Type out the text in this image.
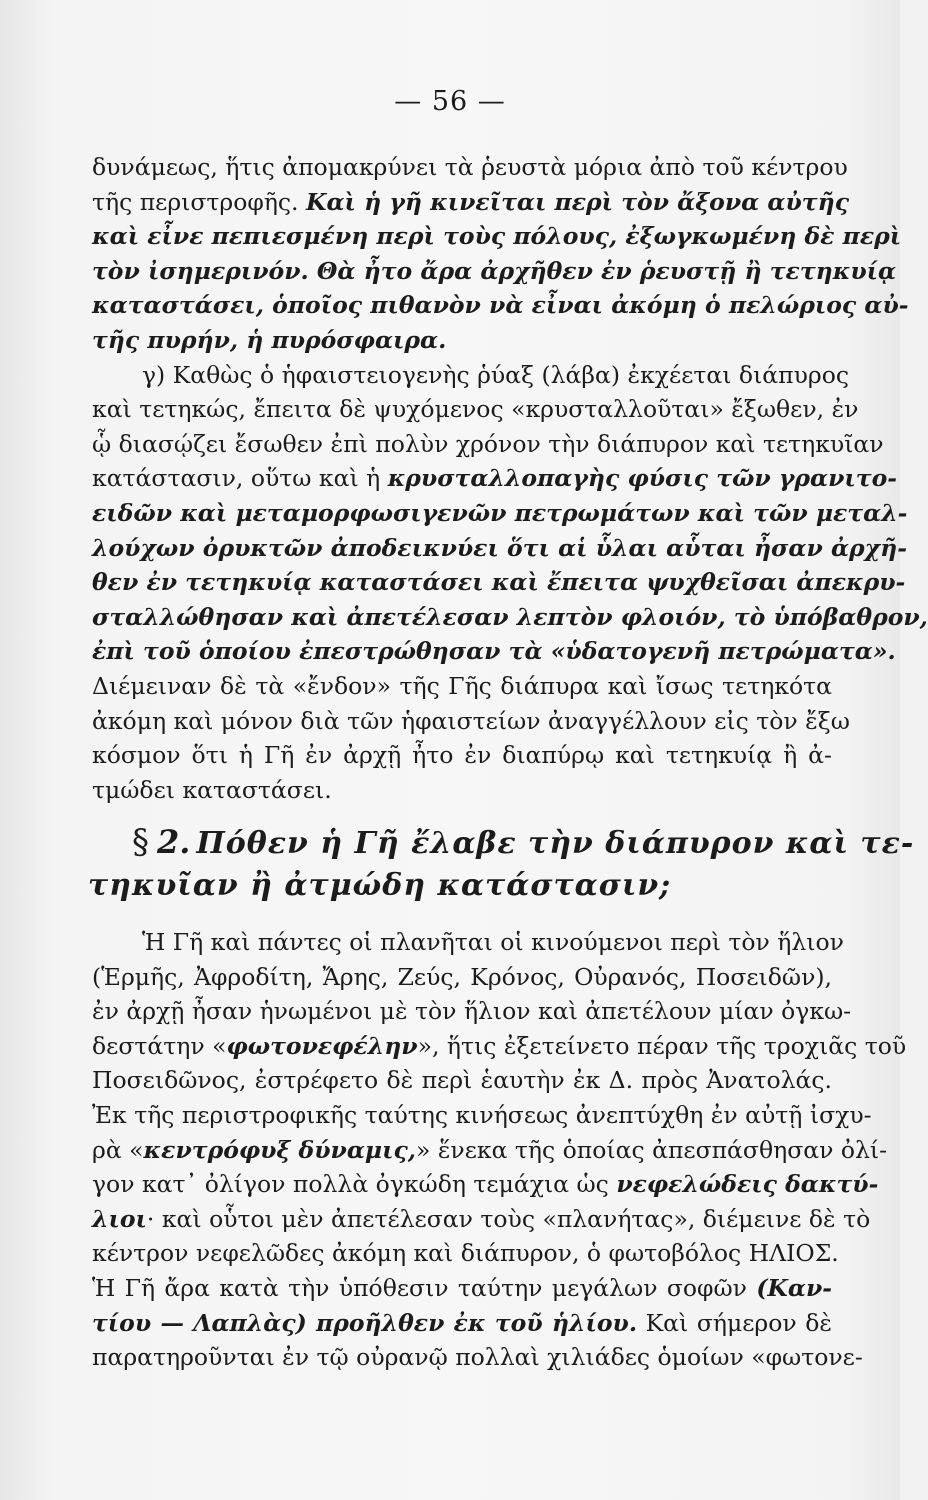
— 56 —
δυνάμεως, ἥτις ἀπομακρύνει τὰ ῥευστὰ μόρια ἀπὸ τοῦ κέντρου
τῆς περιστροφῆς. Καὶ ἡ γῆ κινεῖται περὶ τὸν ἄξονα αὐτῆς
καὶ εἶνε πεπιεσμένη περὶ τοὺς πόλους, ἐξωγκωμένη δὲ περὶ
τὸν ἰσημερινόν. Θὰ ἦτο ἄρα ἀρχῆθεν ἐν ῥευστῇ ἢ τετηκυίᾳ
καταστάσει, ὁποῖος πιθανὸν νὰ εἶναι ἀκόμη ὁ πελώριος αὐ-
τῆς πυρήν, ἡ πυρόσφαιρα.
γ) Καθὼς ὁ ἡφαιστειογενὴς ῥύαξ (λάβα) ἐκχέεται διάπυρος
καὶ τετηκώς, ἔπειτα δὲ ψυχόμενος «κρυσταλλοῦται» ἔξωθεν, ἐν
ᾧ διασῴζει ἔσωθεν ἐπὶ πολὺν χρόνον τὴν διάπυρον καὶ τετηκυῖαν
κατάστασιν, οὕτω καὶ ἡ κρυσταλλοπαγὴς φύσις τῶν γρανιτο-
ειδῶν καὶ μεταμορφωσιγενῶν πετρωμάτων καὶ τῶν μεταλ-
λούχων ὀρυκτῶν ἀποδεικνύει ὅτι αἱ ὗλαι αὗται ἦσαν ἀρχῆ-
θεν ἐν τετηκυίᾳ καταστάσει καὶ ἔπειτα ψυχθεῖσαι ἀπεκρυ-
σταλλώθησαν καὶ ἀπετέλεσαν λεπτὸν φλοιόν, τὸ ὑπόβαθρον,
ἐπὶ τοῦ ὁποίου ἐπεστρώθησαν τὰ «ὑδατογενῆ πετρώματα».
Διέμειναν δὲ τὰ «ἔνδον» τῆς Γῆς διάπυρα καὶ ἴσως τετηκότα
ἀκόμη καὶ μόνον διὰ τῶν ἡφαιστείων ἀναγγέλλουν εἰς τὸν ἔξω
κόσμον ὅτι ἡ Γῆ ἐν ἀρχῇ ἦτο ἐν διαπύρῳ καὶ τετηκυίᾳ ἢ ἀ-
τμώδει καταστάσει.
§ 2. Πόθεν ἡ Γῆ ἔλαβε τὴν διάπυρον καὶ τε-
τηκυῖαν ἢ ἀτμώδη κατάστασιν;
Ἡ Γῆ καὶ πάντες οἱ πλανῆται οἱ κινούμενοι περὶ τὸν ἥλιον
(Ἑρμῆς, Ἀφροδίτη, Ἄρης, Ζεύς, Κρόνος, Οὐρανός, Ποσειδῶν),
ἐν ἀρχῇ ἦσαν ἡνωμένοι μὲ τὸν ἥλιον καὶ ἀπετέλουν μίαν ὀγκω-
δεστάτην «φωτονεφέλην», ἥτις ἐξετείνετο πέραν τῆς τροχιᾶς τοῦ
Ποσειδῶνος, ἐστρέφετο δὲ περὶ ἑαυτὴν ἐκ Δ. πρὸς Ἀνατολάς.
Ἐκ τῆς περιστροφικῆς ταύτης κινήσεως ἀνεπτύχθη ἐν αὐτῇ ἰσχυ-
ρὰ «κεντρόφυξ δύναμις,» ἕνεκα τῆς ὁποίας ἀπεσπάσθησαν ὀλί-
γον κατ᾽ ὀλίγον πολλὰ ὀγκώδη τεμάχια ὡς νεφελώδεις δακτύ-
λιοι· καὶ οὗτοι μὲν ἀπετέλεσαν τοὺς «πλανήτας», διέμεινε δὲ τὸ
κέντρον νεφελῶδες ἀκόμη καὶ διάπυρον, ὁ φωτοβόλος ΗΛΙΟΣ.
Ἡ Γῆ ἄρα κατὰ τὴν ὑπόθεσιν ταύτην μεγάλων σοφῶν (Καν-
τίου — Λαπλὰς) προῆλθεν ἐκ τοῦ ἡλίου. Καὶ σήμερον δὲ
παρατηροῦνται ἐν τῷ οὐρανῷ πολλαὶ χιλιάδες ὁμοίων «φωτονε-
